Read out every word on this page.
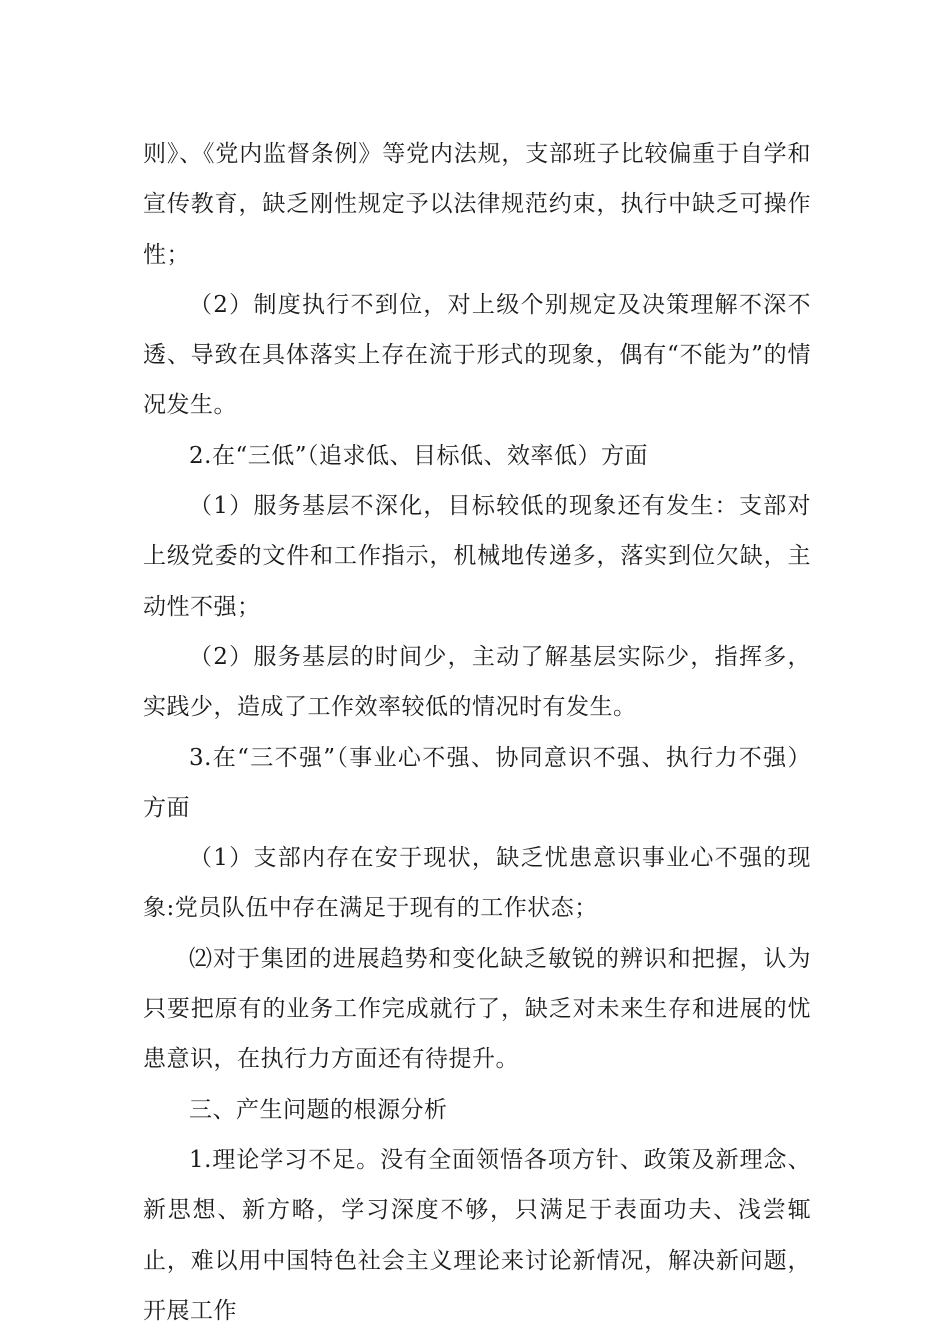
则》、《党内监督条例》等党内法规，支部班子比较偏重于自学和宣传教育，缺乏刚性规定予以法律规范约束，执行中缺乏可操作性；

（2）制度执行不到位，对上级个别规定及决策理解不深不透、导致在具体落实上存在流于形式的现象，偶有“不能为”的情况发生。

2.在“三低”（追求低、目标低、效率低）方面

（1）服务基层不深化，目标较低的现象还有发生：支部对上级党委的文件和工作指示，机械地传递多，落实到位欠缺，主动性不强；

（2）服务基层的时间少，主动了解基层实际少，指挥多，实践少，造成了工作效率较低的情况时有发生。

3.在“三不强”（事业心不强、协同意识不强、执行力不强）方面

（1）支部内存在安于现状，缺乏忧患意识事业心不强的现象:党员队伍中存在满足于现有的工作状态；

⑵对于集团的进展趋势和变化缺乏敏锐的辨识和把握，认为只要把原有的业务工作完成就行了，缺乏对未来生存和进展的忧患意识，在执行力方面还有待提升。

三、产生问题的根源分析

1.理论学习不足。没有全面领悟各项方针、政策及新理念、新思想、新方略，学习深度不够，只满足于表面功夫、浅尝辄止，难以用中国特色社会主义理论来讨论新情况，解决新问题，开展工作
